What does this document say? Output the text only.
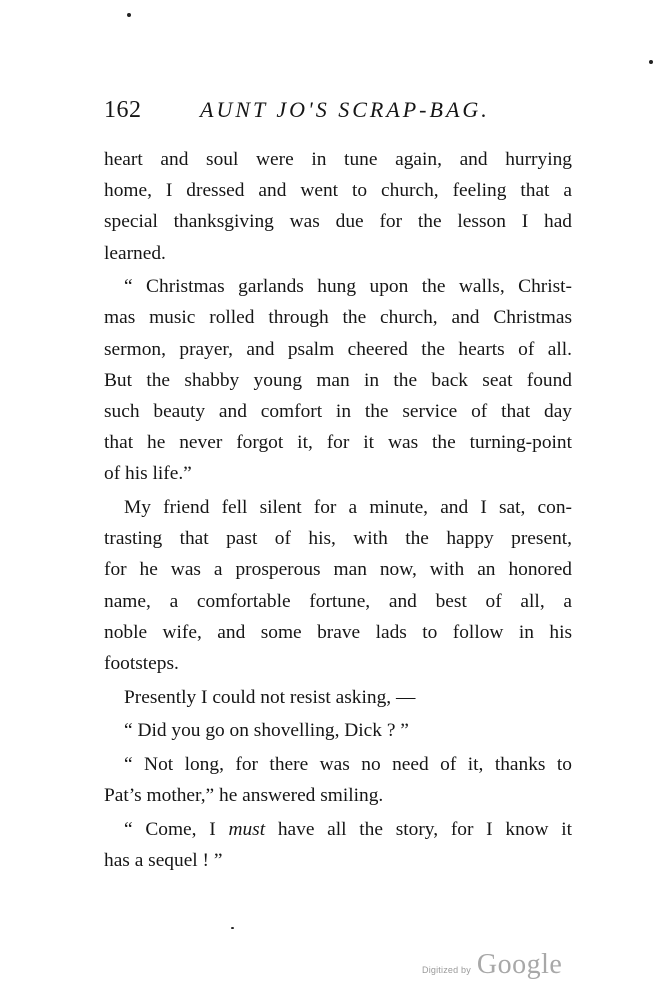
162	AUNT JO'S SCRAP-BAG.
heart and soul were in tune again, and hurrying
home, I dressed and went to church, feeling that a
special thanksgiving was due for the lesson I had
learned.
“ Christmas garlands hung upon the walls, Christ-
mas music rolled through the church, and Christmas
sermon, prayer, and psalm cheered the hearts of all.
But the shabby young man in the back seat found
such beauty and comfort in the service of that day
that he never forgot it, for it was the turning-point
of his life.”
My friend fell silent for a minute, and I sat, con-
trasting that past of his, with the happy present,
for he was a prosperous man now, with an honored
name, a comfortable fortune, and best of all, a
noble wife, and some brave lads to follow in his
footsteps.
Presently I could not resist asking, —
“ Did you go on shovelling, Dick ? ”
“ Not long, for there was no need of it, thanks to
Pat’s mother,” he answered smiling.
“ Come, I must have all the story, for I know it
has a sequel ! ”
Digitized by Google
